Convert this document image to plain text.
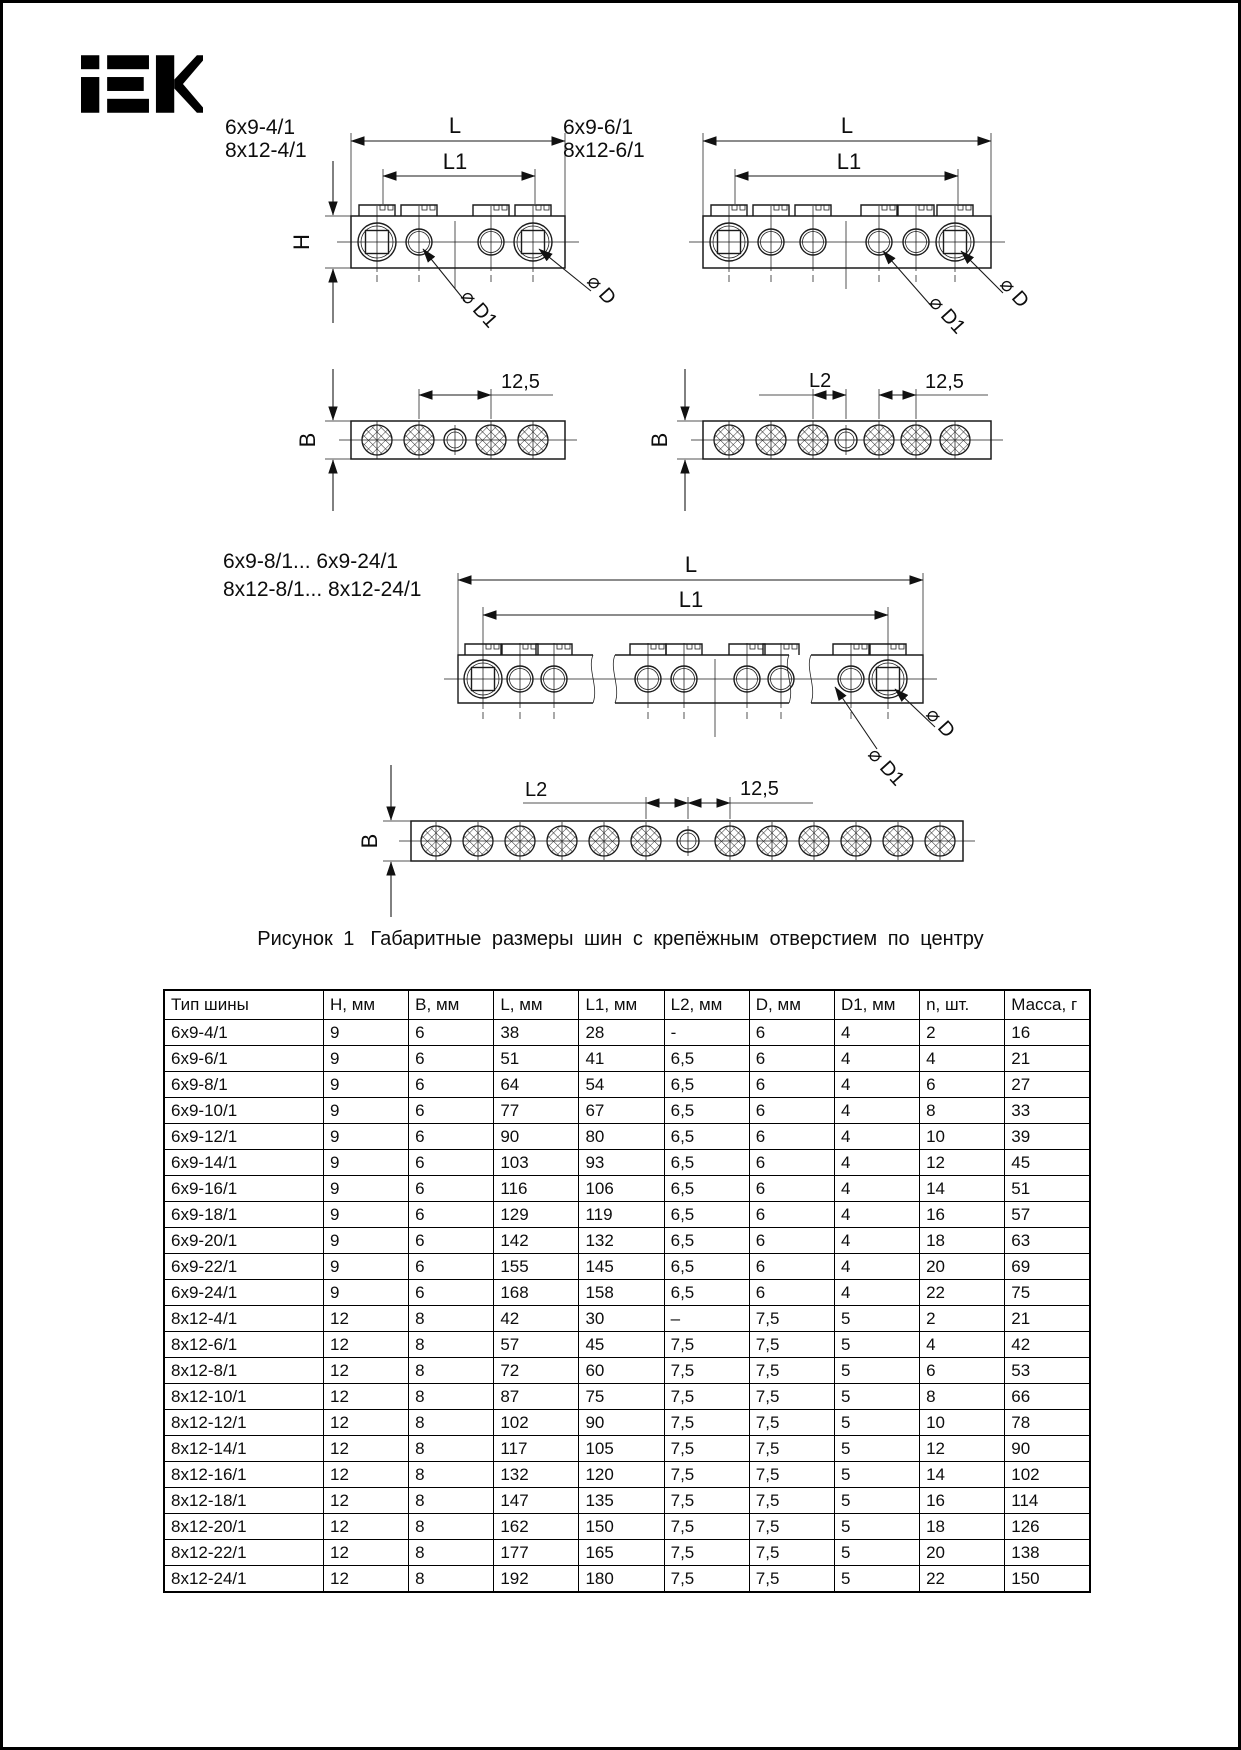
6x9-4/1
8x12-4/1
6x9-6/1
8x12-6/1
6x9-8/1... 6x9-24/1
8x12-8/1... 8x12-24/1
L
L1
H
⌀ D1	⌀ D
L
L1
⌀ D1 ⌀ D
B
12,5
B
L2	12,5
L
L1
⌀ D1
⌀ D
B
L2	12,5
Рисунок 1 Габаритные размеры шин с крепёжным отверстием по центру
Тип шины	Н, мм	В, мм	L, мм	L1, мм	L2, мм	D, мм	D1, мм	n, шт.	Масса, г
6x9-4/1	9	6	38	28	-	6	4	2	16
6x9-6/1	9	6	51	41	6,5	6	4	4	21
6x9-8/1	9	6	64	54	6,5	6	4	6	27
6x9-10/1	9	6	77	67	6,5	6	4	8	33
6x9-12/1	9	6	90	80	6,5	6	4	10	39
6x9-14/1	9	6	103	93	6,5	6	4	12	45
6x9-16/1	9	6	116	106	6,5	6	4	14	51
6x9-18/1	9	6	129	119	6,5	6	4	16	57
6x9-20/1	9	6	142	132	6,5	6	4	18	63
6x9-22/1	9	6	155	145	6,5	6	4	20	69
6x9-24/1	9	6	168	158	6,5	6	4	22	75
8x12-4/1	12	8	42	30	–	7,5	5	2	21
8x12-6/1	12	8	57	45	7,5	7,5	5	4	42
8x12-8/1	12	8	72	60	7,5	7,5	5	6	53
8x12-10/1	12	8	87	75	7,5	7,5	5	8	66
8x12-12/1	12	8	102	90	7,5	7,5	5	10	78
8x12-14/1	12	8	117	105	7,5	7,5	5	12	90
8x12-16/1	12	8	132	120	7,5	7,5	5	14	102
8x12-18/1	12	8	147	135	7,5	7,5	5	16	114
8x12-20/1	12	8	162	150	7,5	7,5	5	18	126
8x12-22/1	12	8	177	165	7,5	7,5	5	20	138
8x12-24/1	12	8	192	180	7,5	7,5	5	22	150
